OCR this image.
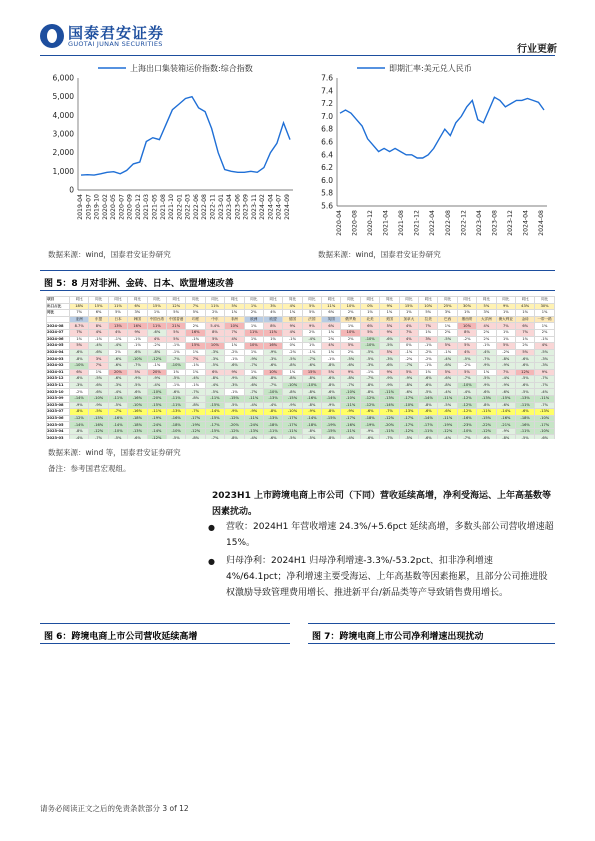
国泰君安证券
GUOTAI JUNAN SECURITIES	行业更新
0
1,000
2,000
3,000
4,000
5,000
6,000
2019-04 2019-07 2019-10 2020-02 2020-05 2020-07 2020-09 2020-12 2021-03 2021-05 2021-08 2021-10 2022-01 2022-03 2022-06 2022-08 2022-11 2023-01 2023-04 2023-06 2023-09 2023-11 2024-02 2024-04 2024-07 2024-09
上海出口集装箱运价指数:综合指数
5.6
5.8
6.0
6.2
6.4
6.6
6.8
7.0
7.2
7.4
7.6
2020-04 2020-08 2020-12 2021-04 2021-08 2021-12 2022-04 2022-08 2022-12 2023-04 2023-08 2023-12 2024-04 2024-08
即期汇率:美元兑人民币
数据来源：wind，国泰君安证券研究	数据来源：wind，国泰君安证券研究
图 5：8 月对非洲、金砖、日本、欧盟增速改善
项目	同比	同比	同比	同比	同比	同比	同比	同比	同比	同比	同比	同比	同比	同比	同比	同比	同比	同比	同比	同比	同比	同比	同比	同比	同比
出口占比	18%	15%	11%	6%	15%	12%	7%	11%	5%	1%	3%	4%	5%	11%	10%	0%	9%	15%	10%	25%	30%	5%	9%	43%	30%
同比	7%	6%	5%	3%	1%	5%	5%	2%	1%	2%	4%	1%	5%	6%	2%	1%	1%	1%	5%	3%	1%	3%	1%	1%	1%
	亚洲	东盟	日本	韩国	中国台湾	中国香港	印度	中东	非洲	欧洲	欧盟	德国	法国	英国	俄罗斯	北美	美国	加拿大	拉美	巴西	墨西哥	大洋洲	澳大利亚	金砖	一带一路
2024-08	8.7%	8%	13%	16%	11%	21%	2%	5.4%	10%	1%	8%	9%	9%	6%	1%	6%	5%	4%	7%	1%	10%	4%	7%	6%	1%
2024-07	7%	4%	4%	9%	-6%	5%	16%	8%	7%	11%	11%	4%	2%	1%	10%	5%	9%	7%	1%	2%	8%	2%	1%	7%	2%
2024-06	1%	-1%	-1%	-1%	4%	5%	-1%	5%	4%	1%	1%	-1%	-4%	2%	2%	-10%	-6%	4%	3%	-5%	-2%	2%	1%	1%	-1%
2024-05	5%	-4%	-4%	-1%	-2%	-1%	15%	10%	1%	10%	16%	0%	1%	4%	5%	-10%	-5%	0%	-1%	5%	5%	-1%	5%	2%	4%
2024-04	-6%	-6%	2%	-6%	-8%	-1%	1%	-3%	-2%	1%	-9%	-2%	-1%	1%	2%	-5%	5%	-1%	-2%	-1%	4%	-4%	-2%	5%	-5%
2024-03	-8%	3%	-6%	-10%	-12%	-7%	7%	-3%	-1%	-9%	-3%	-5%	-7%	-1%	-5%	-5%	-3%	-2%	-2%	-4%	-5%	-7%	-8%	-6%	-3%
2024-02	-10%	7%	-6%	-7%	-1%	-10%	-1%	-5%	-6%	-7%	-6%	-8%	-6%	-8%	-6%	-3%	-6%	-7%	-1%	-6%	-2%	-9%	-9%	-6%	-3%
2024-01	6%	1%	20%	5%	20%	1%	1%	6%	9%	1%	10%	1%	15%	5%	9%	-1%	9%	5%	1%	5%	5%	1%	7%	12%	9%
2023-12	-6%	-5%	-6%	-9%	-9%	-5%	-4%	-8%	-9%	-8%	-8%	-8%	-8%	-6%	-8%	-7%	-9%	-9%	-6%	-6%	-7%	-5%	-4%	-5%	-7%
2023-11	-3%	-6%	-3%	-5%	-4%	-1%	-1%	-4%	-3%	-6%	-7%	-10%	-10%	-8%	-7%	-8%	-9%	-8%	-6%	-8%	-10%	-9%	-9%	-6%	-7%
2023-10	-2%	-6%	-4%	-6%	-10%	-6%	-7%	-5%	-1%	-7%	-10%	-8%	-8%	-6%	-10%	-8%	-11%	-6%	-5%	-4%	-4%	-6%	-6%	-5%	-4%
2023-09	-14%	-10%	-11%	-16%	-20%	-11%	-8%	-11%	-15%	-11%	-13%	-15%	-16%	-14%	-10%	-12%	-13%	-17%	-14%	-11%	-12%	-13%	-15%	-13%	-11%
2023-08	-9%	-9%	-5%	-10%	-15%	-11%	-8%	-15%	-5%	-4%	-4%	-9%	-8%	-9%	-11%	-12%	-14%	-10%	-8%	-5%	-12%	-8%	-6%	-11%	-7%
2023-07	-8%	-5%	-7%	-16%	-11%	-13%	-7%	-14%	-9%	-9%	-8%	-10%	-9%	-8%	-9%	-6%	-7%	-13%	-6%	-6%	-12%	-11%	-14%	-6%	-13%
2023-06	-12%	-15%	-16%	-18%	-19%	-16%	-17%	-15%	-12%	-11%	-13%	-17%	-14%	-15%	-17%	-18%	-12%	-17%	-14%	-11%	-16%	-15%	-16%	-18%	-10%
2023-05	-14%	-16%	-14%	-18%	-24%	-18%	-19%	-17%	-20%	-24%	-18%	-17%	-18%	-19%	-16%	-19%	-20%	-17%	-17%	-19%	-23%	-22%	-21%	-16%	-17%
2023-04	-8%	-12%	-10%	-13%	-14%	-10%	-12%	-15%	-12%	-13%	-11%	-11%	-8%	-15%	-11%	-9%	-11%	-12%	-11%	-12%	-10%	-12%	-9%	-11%	-10%
2023-03	-4%	-7%	-5%	-6%	-12%	-5%	-8%	-7%	-8%	-4%	-6%	-5%	-5%	-8%	-4%	-6%	-7%	-5%	-6%	-4%	-7%	-6%	-8%	-5%	-6%

数据来源：wind 等，国泰君安证券研究
备注：参考国君宏观组。
2023H1 上市跨境电商上市公司（下同）营收延续高增，净利受海运、上年高基数等因素扰动。
● 营收：2024H1 年营收增速 24.3%/+5.6pct 延续高增，多数头部公司营收增速超 15%。
● 归母净利：2024H1 归母净利增速-3.3%/-53.2pct、扣非净利增速 4%/64.1pct；净利增速主要受海运、上年高基数等因素拖累，且部分公司推进股权激励导致管理费用增长、推进新平台/新品类等产导致销售费用增长。
图 6：跨境电商上市公司营收延续高增	图 7：跨境电商上市公司净利增速出现扰动
请务必阅读正文之后的免责条款部分 3 of 12
